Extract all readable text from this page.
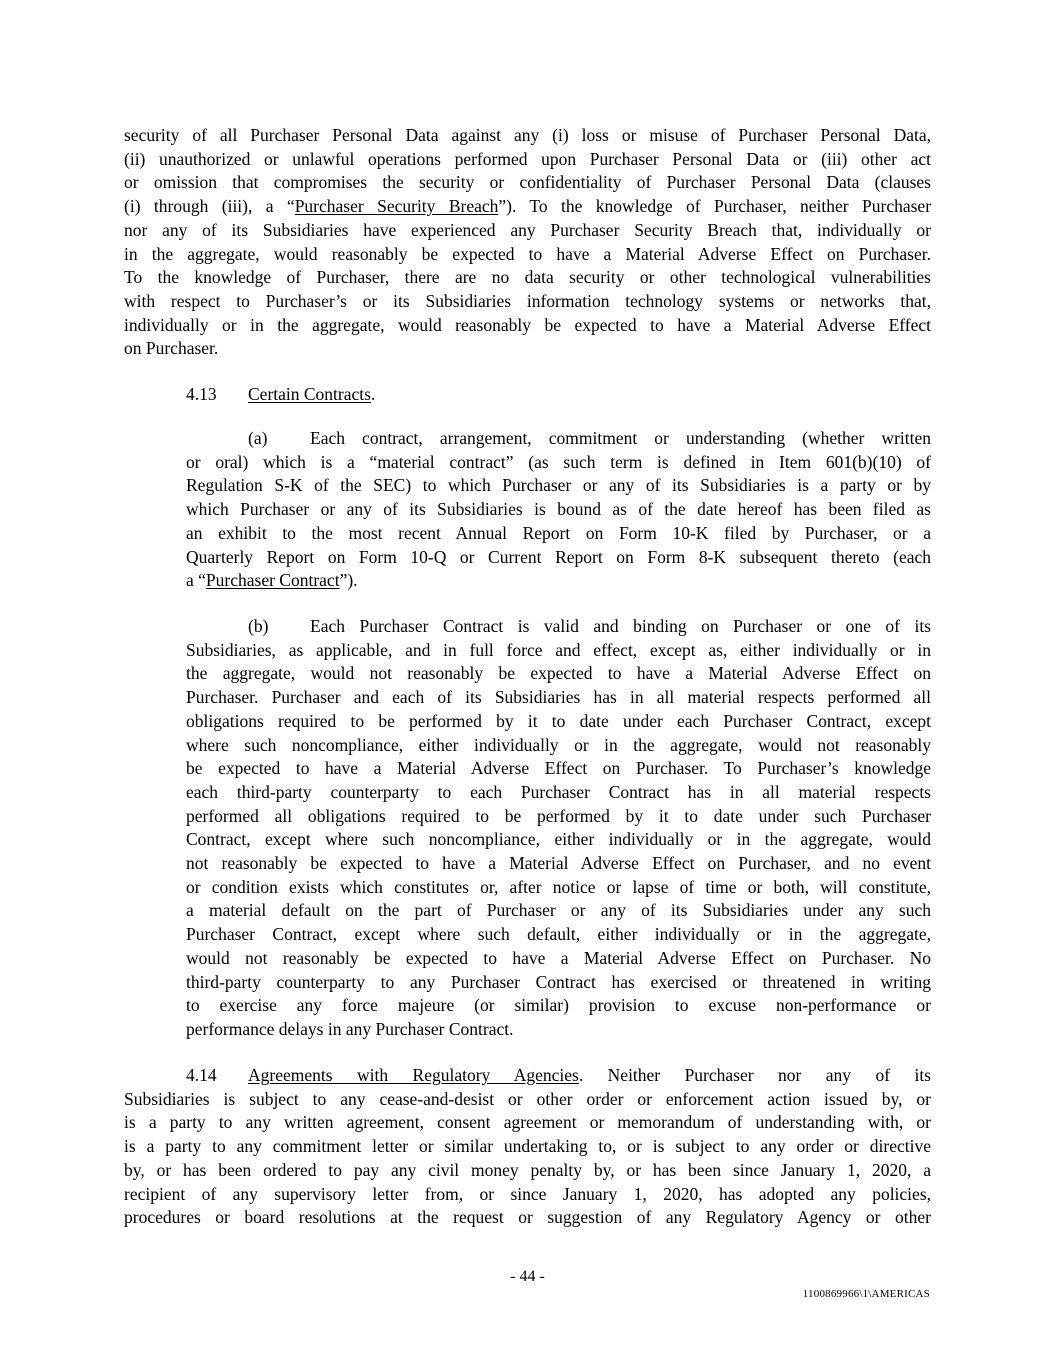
security of all Purchaser Personal Data against any (i) loss or misuse of Purchaser Personal Data,
(ii) unauthorized or unlawful operations performed upon Purchaser Personal Data or (iii) other act
or omission that compromises the security or confidentiality of Purchaser Personal Data (clauses
(i) through (iii), a “Purchaser Security Breach”). To the knowledge of Purchaser, neither Purchaser
nor any of its Subsidiaries have experienced any Purchaser Security Breach that, individually or
in the aggregate, would reasonably be expected to have a Material Adverse Effect on Purchaser.
To the knowledge of Purchaser, there are no data security or other technological vulnerabilities
with respect to Purchaser’s or its Subsidiaries information technology systems or networks that,
individually or in the aggregate, would reasonably be expected to have a Material Adverse Effect
on Purchaser.
4.13 Certain Contracts.
(a) Each contract, arrangement, commitment or understanding (whether written
or oral) which is a “material contract” (as such term is defined in Item 601(b)(10) of
Regulation S-K of the SEC) to which Purchaser or any of its Subsidiaries is a party or by
which Purchaser or any of its Subsidiaries is bound as of the date hereof has been filed as
an exhibit to the most recent Annual Report on Form 10-K filed by Purchaser, or a
Quarterly Report on Form 10-Q or Current Report on Form 8-K subsequent thereto (each
a “Purchaser Contract”).
(b) Each Purchaser Contract is valid and binding on Purchaser or one of its
Subsidiaries, as applicable, and in full force and effect, except as, either individually or in
the aggregate, would not reasonably be expected to have a Material Adverse Effect on
Purchaser. Purchaser and each of its Subsidiaries has in all material respects performed all
obligations required to be performed by it to date under each Purchaser Contract, except
where such noncompliance, either individually or in the aggregate, would not reasonably
be expected to have a Material Adverse Effect on Purchaser. To Purchaser’s knowledge
each third-party counterparty to each Purchaser Contract has in all material respects
performed all obligations required to be performed by it to date under such Purchaser
Contract, except where such noncompliance, either individually or in the aggregate, would
not reasonably be expected to have a Material Adverse Effect on Purchaser, and no event
or condition exists which constitutes or, after notice or lapse of time or both, will constitute,
a material default on the part of Purchaser or any of its Subsidiaries under any such
Purchaser Contract, except where such default, either individually or in the aggregate,
would not reasonably be expected to have a Material Adverse Effect on Purchaser. No
third-party counterparty to any Purchaser Contract has exercised or threatened in writing
to exercise any force majeure (or similar) provision to excuse non-performance or
performance delays in any Purchaser Contract.
4.14 Agreements with Regulatory Agencies. Neither Purchaser nor any of its
Subsidiaries is subject to any cease-and-desist or other order or enforcement action issued by, or
is a party to any written agreement, consent agreement or memorandum of understanding with, or
is a party to any commitment letter or similar undertaking to, or is subject to any order or directive
by, or has been ordered to pay any civil money penalty by, or has been since January 1, 2020, a
recipient of any supervisory letter from, or since January 1, 2020, has adopted any policies,
procedures or board resolutions at the request or suggestion of any Regulatory Agency or other
- 44 -
1100869966\1\AMERICAS
